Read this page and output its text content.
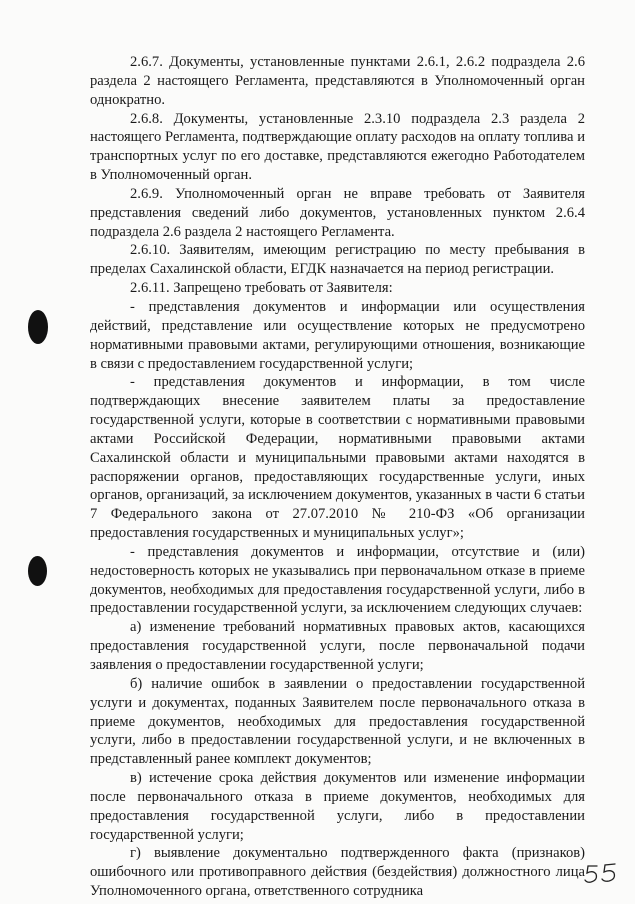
2.6.7. Документы, установленные пунктами 2.6.1, 2.6.2 подраздела 2.6 раздела 2 настоящего Регламента, представляются в Уполномоченный орган однократно.

2.6.8. Документы, установленные 2.3.10 подраздела 2.3 раздела 2 настоящего Регламента, подтверждающие оплату расходов на оплату топлива и транспортных услуг по его доставке, представляются ежегодно Работодателем в Уполномоченный орган.

2.6.9. Уполномоченный орган не вправе требовать от Заявителя представления сведений либо документов, установленных пунктом 2.6.4 подраздела 2.6 раздела 2 настоящего Регламента.

2.6.10. Заявителям, имеющим регистрацию по месту пребывания в пределах Сахалинской области, ЕГДК назначается на период регистрации.

2.6.11. Запрещено требовать от Заявителя:

- представления документов и информации или осуществления действий, представление или осуществление которых не предусмотрено нормативными правовыми актами, регулирующими отношения, возникающие в связи с предоставлением государственной услуги;

- представления документов и информации, в том числе подтверждающих внесение заявителем платы за предоставление государственной услуги, которые в соответствии с нормативными правовыми актами Российской Федерации, нормативными правовыми актами Сахалинской области и муниципальными правовыми актами находятся в распоряжении органов, предоставляющих государственные услуги, иных органов, организаций, за исключением документов, указанных в части 6 статьи 7 Федерального закона от 27.07.2010 № 210-ФЗ «Об организации предоставления государственных и муниципальных услуг»;

- представления документов и информации, отсутствие и (или) недостоверность которых не указывались при первоначальном отказе в приеме документов, необходимых для предоставления государственной услуги, либо в предоставлении государственной услуги, за исключением следующих случаев:

а) изменение требований нормативных правовых актов, касающихся предоставления государственной услуги, после первоначальной подачи заявления о предоставлении государственной услуги;

б) наличие ошибок в заявлении о предоставлении государственной услуги и документах, поданных Заявителем после первоначального отказа в приеме документов, необходимых для предоставления государственной услуги, либо в предоставлении государственной услуги, и не включенных в представленный ранее комплект документов;

в) истечение срока действия документов или изменение информации после первоначального отказа в приеме документов, необходимых для предоставления государственной услуги, либо в предоставлении государственной услуги;

г) выявление документально подтвержденного факта (признаков) ошибочного или противоправного действия (бездействия) должностного лица Уполномоченного органа, ответственного сотрудника
